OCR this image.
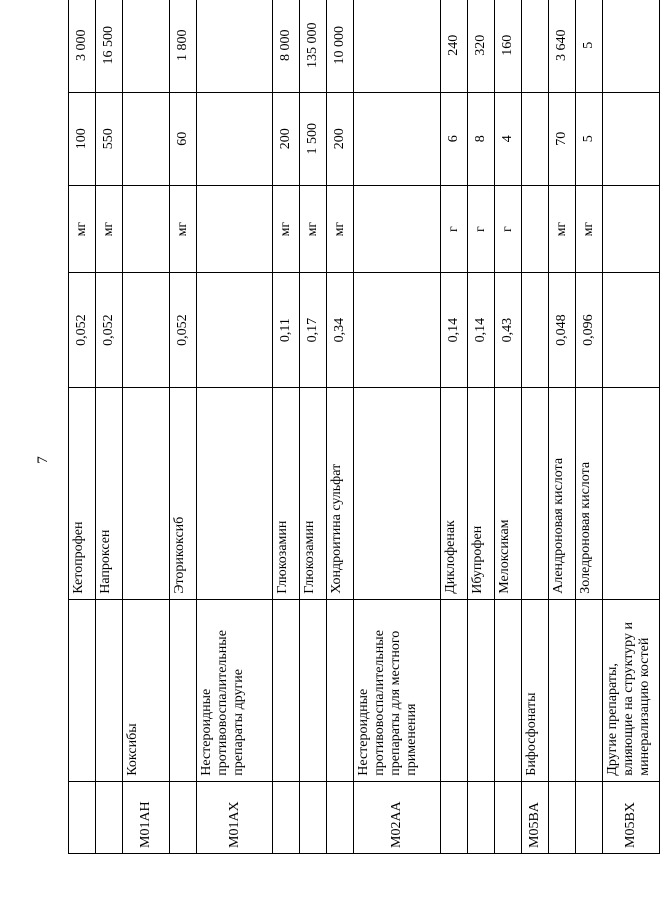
7
		Кетопрофен	0,052	мг	100	3 000
		Напроксен	0,052	мг	550	16 500
M01AH	Коксибы					
		Эторикоксиб	0,052	мг	60	1 800
M01AX	Нестероидные противовоспалительные препараты другие					
		Глюкозамин	0,11	мг	200	8 000
		Глюкозамин	0,17	мг	1 500	135 000
		Хондроитина сульфат	0,34	мг	200	10 000
M02AA	Нестероидные противовоспалительные препараты для местного применения					
		Диклофенак	0,14	г	6	240
		Ибупрофен	0,14	г	8	320
		Мелоксикам	0,43	г	4	160
M05BA	Бифосфонаты					
		Алендроновая кислота	0,048	мг	70	3 640
		Золедроновая кислота	0,096	мг	5	5
M05BX	Другие препараты, влияющие на структуру и минерализацию костей					
